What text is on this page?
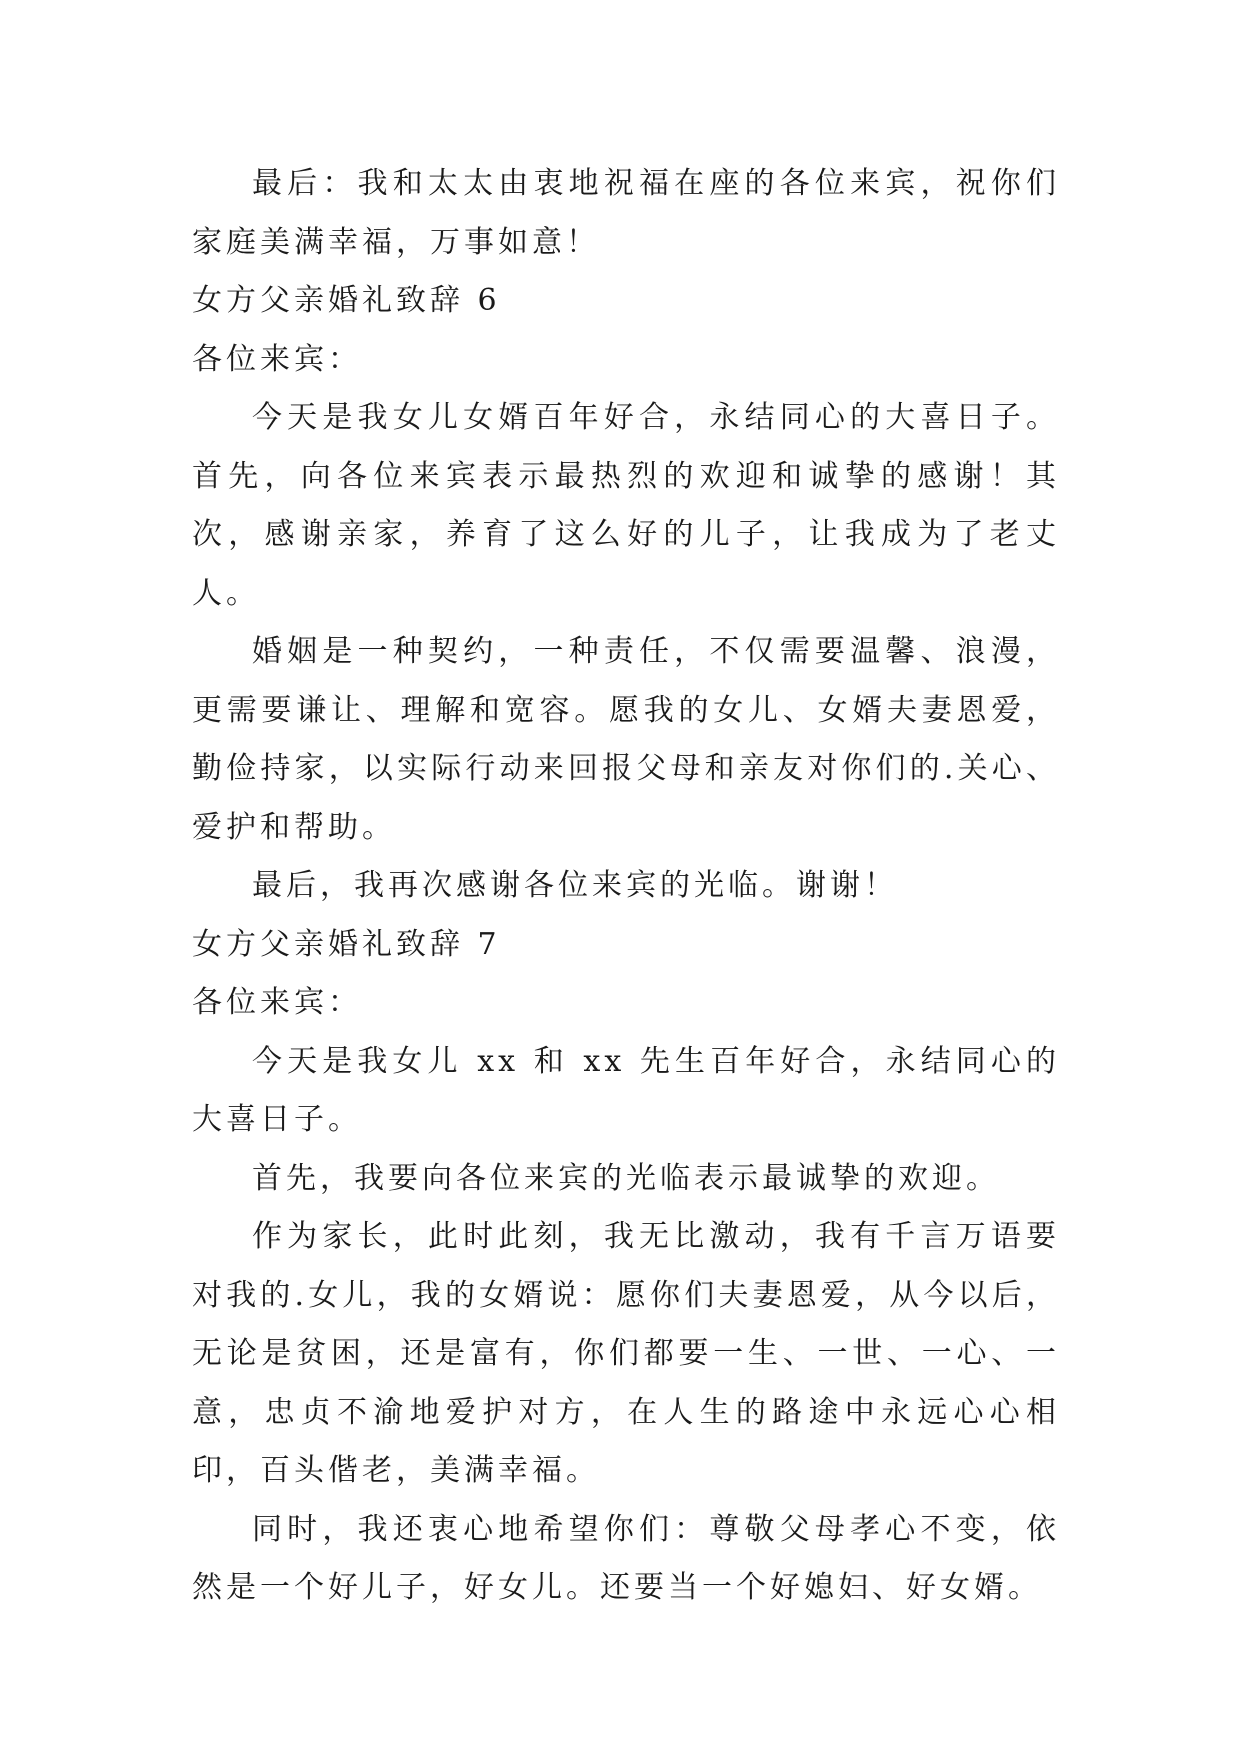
最后：我和太太由衷地祝福在座的各位来宾，祝你们家庭美满幸福，万事如意！

女方父亲婚礼致辞 6

各位来宾：

今天是我女儿女婿百年好合，永结同心的大喜日子。首先，向各位来宾表示最热烈的欢迎和诚挚的感谢！其次，感谢亲家，养育了这么好的儿子，让我成为了老丈人。

婚姻是一种契约，一种责任，不仅需要温馨、浪漫，更需要谦让、理解和宽容。愿我的女儿、女婿夫妻恩爱，勤俭持家，以实际行动来回报父母和亲友对你们的.关心、爱护和帮助。

最后，我再次感谢各位来宾的光临。谢谢！

女方父亲婚礼致辞 7

各位来宾：

今天是我女儿 xx 和 xx 先生百年好合，永结同心的大喜日子。

首先，我要向各位来宾的光临表示最诚挚的欢迎。

作为家长，此时此刻，我无比激动，我有千言万语要对我的.女儿，我的女婿说：愿你们夫妻恩爱，从今以后，无论是贫困，还是富有，你们都要一生、一世、一心、一意，忠贞不渝地爱护对方，在人生的路途中永远心心相印，百头偕老，美满幸福。

同时，我还衷心地希望你们：尊敬父母孝心不变，依然是一个好儿子，好女儿。还要当一个好媳妇、好女婿。
